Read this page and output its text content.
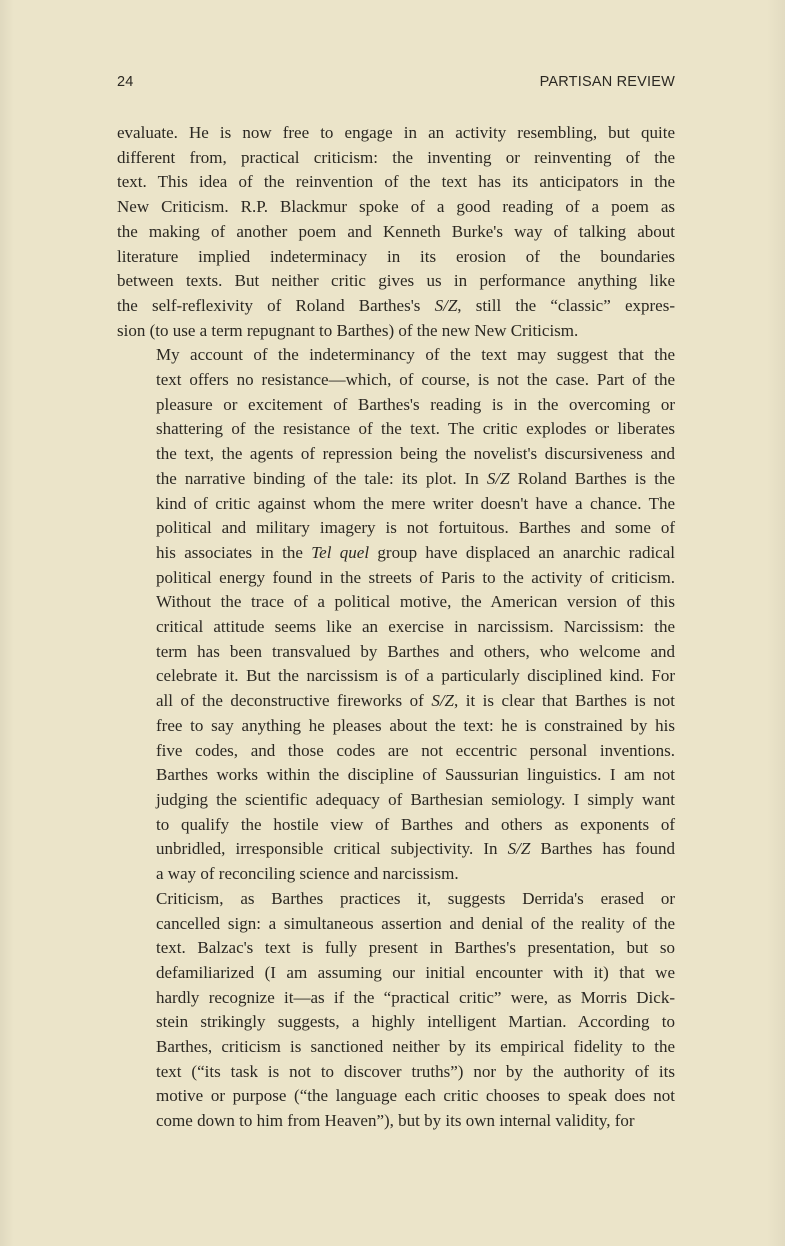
24	PARTISAN REVIEW

evaluate. He is now free to engage in an activity resembling, but quite
different from, practical criticism: the inventing or reinventing of the
text. This idea of the reinvention of the text has its anticipators in the
New Criticism. R.P. Blackmur spoke of a good reading of a poem as
the making of another poem and Kenneth Burke's way of talking about
literature implied indeterminacy in its erosion of the boundaries
between texts. But neither critic gives us in performance anything like
the self-reflexivity of Roland Barthes's S/Z, still the “classic” expres-
sion (to use a term repugnant to Barthes) of the new New Criticism.

My account of the indeterminancy of the text may suggest that the
text offers no resistance—which, of course, is not the case. Part of the
pleasure or excitement of Barthes's reading is in the overcoming or
shattering of the resistance of the text. The critic explodes or liberates
the text, the agents of repression being the novelist's discursiveness and
the narrative binding of the tale: its plot. In S/Z Roland Barthes is the
kind of critic against whom the mere writer doesn't have a chance. The
political and military imagery is not fortuitous. Barthes and some of
his associates in the Tel quel group have displaced an anarchic radical
political energy found in the streets of Paris to the activity of criticism.
Without the trace of a political motive, the American version of this
critical attitude seems like an exercise in narcissism. Narcissism: the
term has been transvalued by Barthes and others, who welcome and
celebrate it. But the narcissism is of a particularly disciplined kind. For
all of the deconstructive fireworks of S/Z, it is clear that Barthes is not
free to say anything he pleases about the text: he is constrained by his
five codes, and those codes are not eccentric personal inventions.
Barthes works within the discipline of Saussurian linguistics. I am not
judging the scientific adequacy of Barthesian semiology. I simply want
to qualify the hostile view of Barthes and others as exponents of
unbridled, irresponsible critical subjectivity. In S/Z Barthes has found
a way of reconciling science and narcissism.

Criticism, as Barthes practices it, suggests Derrida's erased or
cancelled sign: a simultaneous assertion and denial of the reality of the
text. Balzac's text is fully present in Barthes's presentation, but so
defamiliarized (I am assuming our initial encounter with it) that we
hardly recognize it—as if the “practical critic” were, as Morris Dick-
stein strikingly suggests, a highly intelligent Martian. According to
Barthes, criticism is sanctioned neither by its empirical fidelity to the
text (“its task is not to discover truths”) nor by the authority of its
motive or purpose (“the language each critic chooses to speak does not
come down to him from Heaven”), but by its own internal validity, for
